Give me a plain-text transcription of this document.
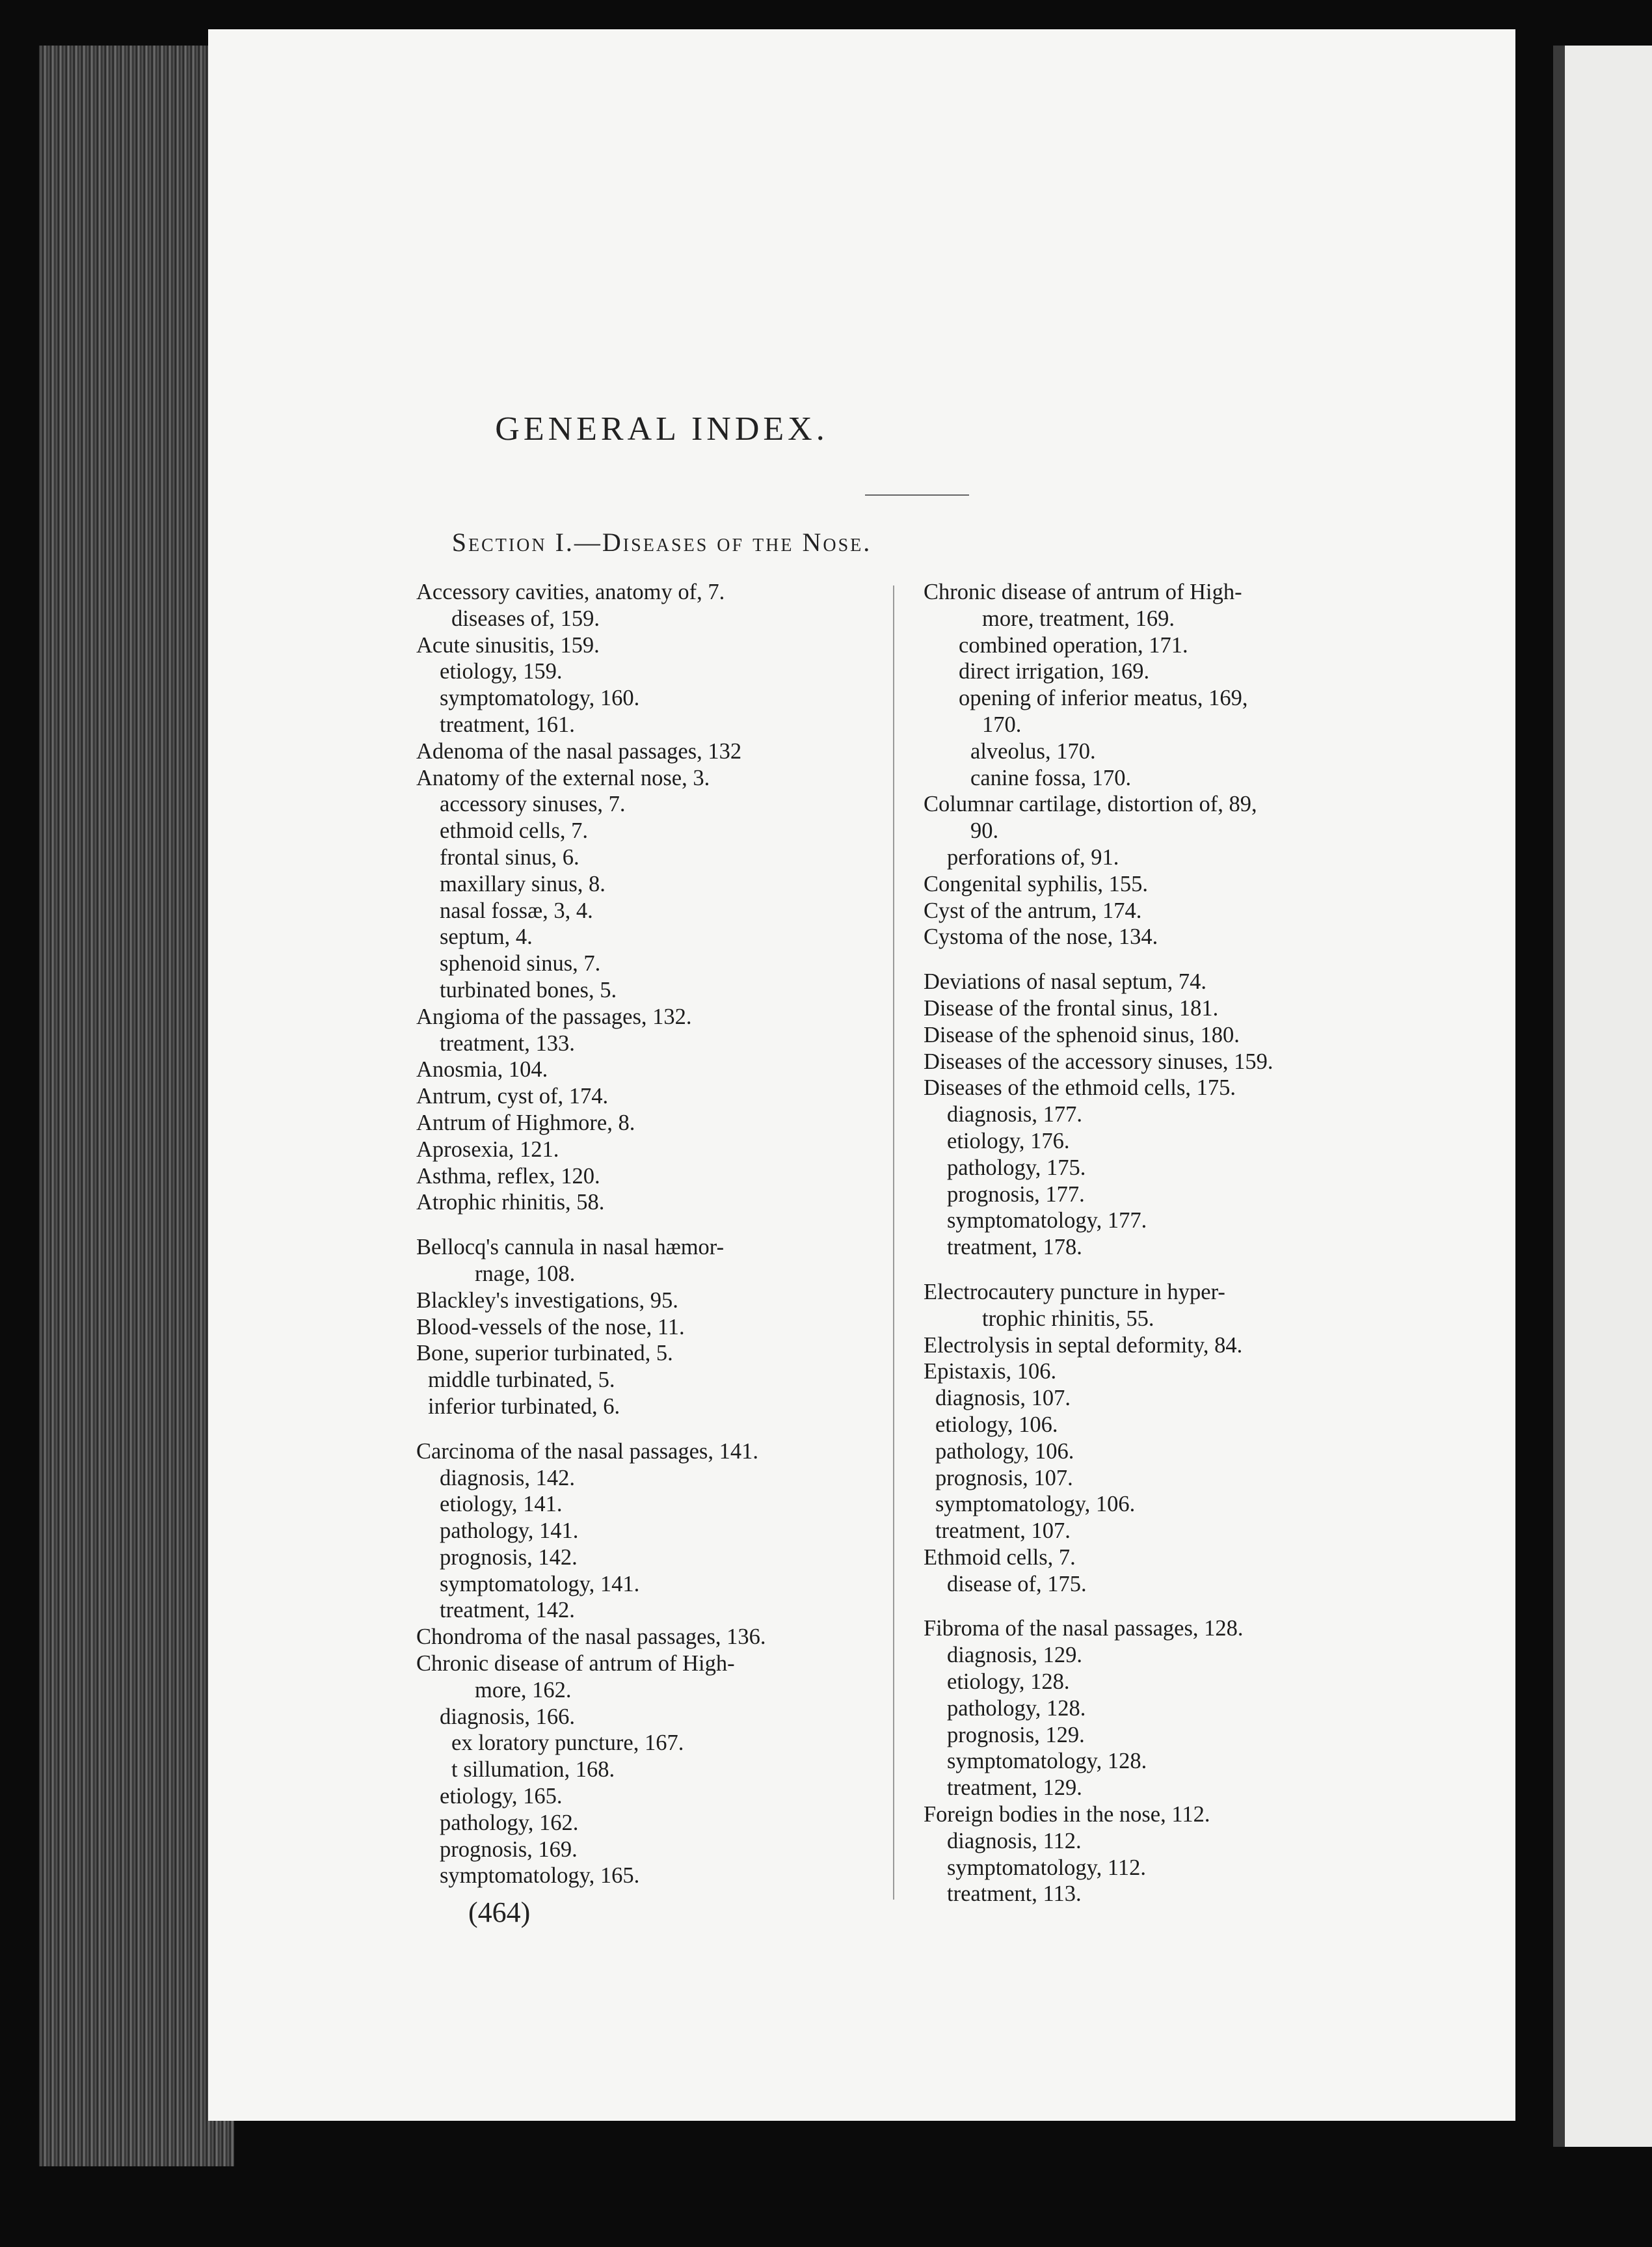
GENERAL INDEX.
Section I.—Diseases of the Nose.
Accessory cavities, anatomy of, 7.
diseases of, 159.
Acute sinusitis, 159.
etiology, 159.
symptomatology, 160.
treatment, 161.
Adenoma of the nasal passages, 132
Anatomy of the external nose, 3.
accessory sinuses, 7.
ethmoid cells, 7.
frontal sinus, 6.
maxillary sinus, 8.
nasal fossæ, 3, 4.
septum, 4.
sphenoid sinus, 7.
turbinated bones, 5.
Angioma of the passages, 132.
treatment, 133.
Anosmia, 104.
Antrum, cyst of, 174.
Antrum of Highmore, 8.
Aprosexia, 121.
Asthma, reflex, 120.
Atrophic rhinitis, 58.
Bellocq's cannula in nasal hæmor-
rnage, 108.
Blackley's investigations, 95.
Blood-vessels of the nose, 11.
Bone, superior turbinated, 5.
middle turbinated, 5.
inferior turbinated, 6.
Carcinoma of the nasal passages, 141.
diagnosis, 142.
etiology, 141.
pathology, 141.
prognosis, 142.
symptomatology, 141.
treatment, 142.
Chondroma of the nasal passages, 136.
Chronic disease of antrum of High-
more, 162.
diagnosis, 166.
ex loratory puncture, 167.
t sillumation, 168.
etiology, 165.
pathology, 162.
prognosis, 169.
symptomatology, 165.
Chronic disease of antrum of High-
more, treatment, 169.
combined operation, 171.
direct irrigation, 169.
opening of inferior meatus, 169,
170.
alveolus, 170.
canine fossa, 170.
Columnar cartilage, distortion of, 89,
90.
perforations of, 91.
Congenital syphilis, 155.
Cyst of the antrum, 174.
Cystoma of the nose, 134.
Deviations of nasal septum, 74.
Disease of the frontal sinus, 181.
Disease of the sphenoid sinus, 180.
Diseases of the accessory sinuses, 159.
Diseases of the ethmoid cells, 175.
diagnosis, 177.
etiology, 176.
pathology, 175.
prognosis, 177.
symptomatology, 177.
treatment, 178.
Electrocautery puncture in hyper-
trophic rhinitis, 55.
Electrolysis in septal deformity, 84.
Epistaxis, 106.
diagnosis, 107.
etiology, 106.
pathology, 106.
prognosis, 107.
symptomatology, 106.
treatment, 107.
Ethmoid cells, 7.
disease of, 175.
Fibroma of the nasal passages, 128.
diagnosis, 129.
etiology, 128.
pathology, 128.
prognosis, 129.
symptomatology, 128.
treatment, 129.
Foreign bodies in the nose, 112.
diagnosis, 112.
symptomatology, 112.
treatment, 113.
(464)
